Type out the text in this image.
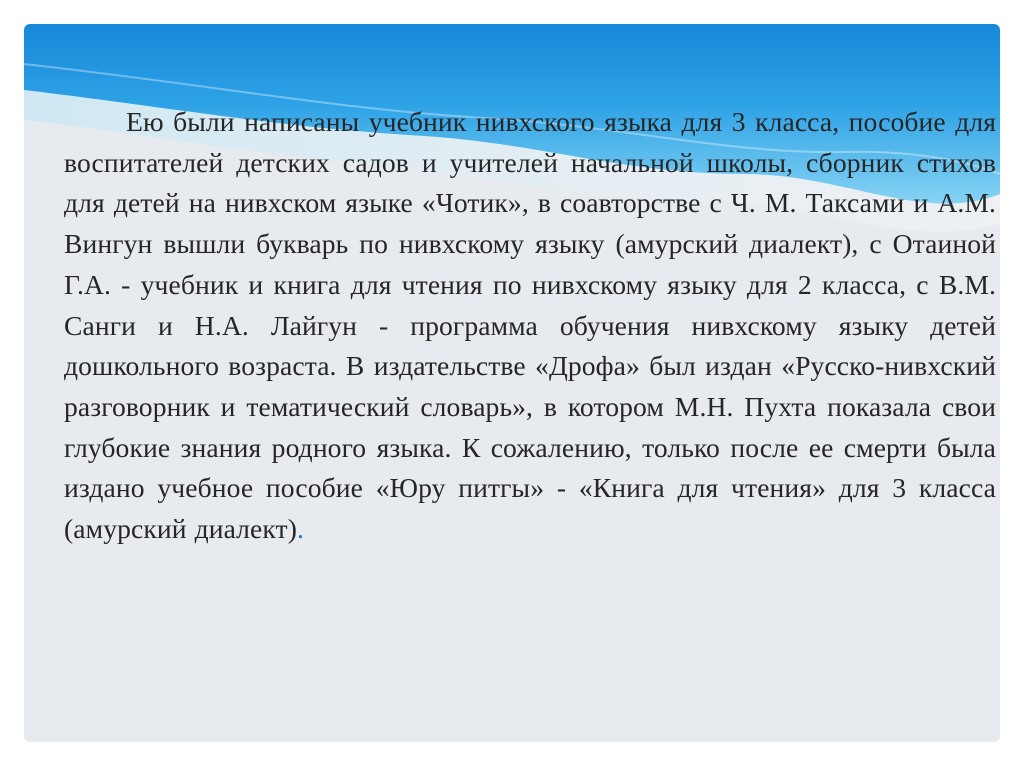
Ею были написаны учебник нивхского языка для 3 класса, пособие для воспитателей детских садов и учителей начальной школы, сборник стихов для детей на нивхском языке «Чотик», в соавторстве с Ч. М. Таксами и А.М. Вингун вышли букварь по нивхскому языку (амурский диалект), с Отаиной Г.А. - учебник и книга для чтения по нивхскому языку для 2 класса, с В.М. Санги и Н.А. Лайгун - программа обучения нивхскому языку детей дошкольного возраста. В издательстве «Дрофа» был издан «Русско-нивхский разговорник и тематический словарь», в котором М.Н. Пухта показала свои глубокие знания родного языка. К сожалению, только после ее смерти была издано учебное пособие «Юру питгы» - «Книга для чтения» для 3 класса (амурский диалект).
